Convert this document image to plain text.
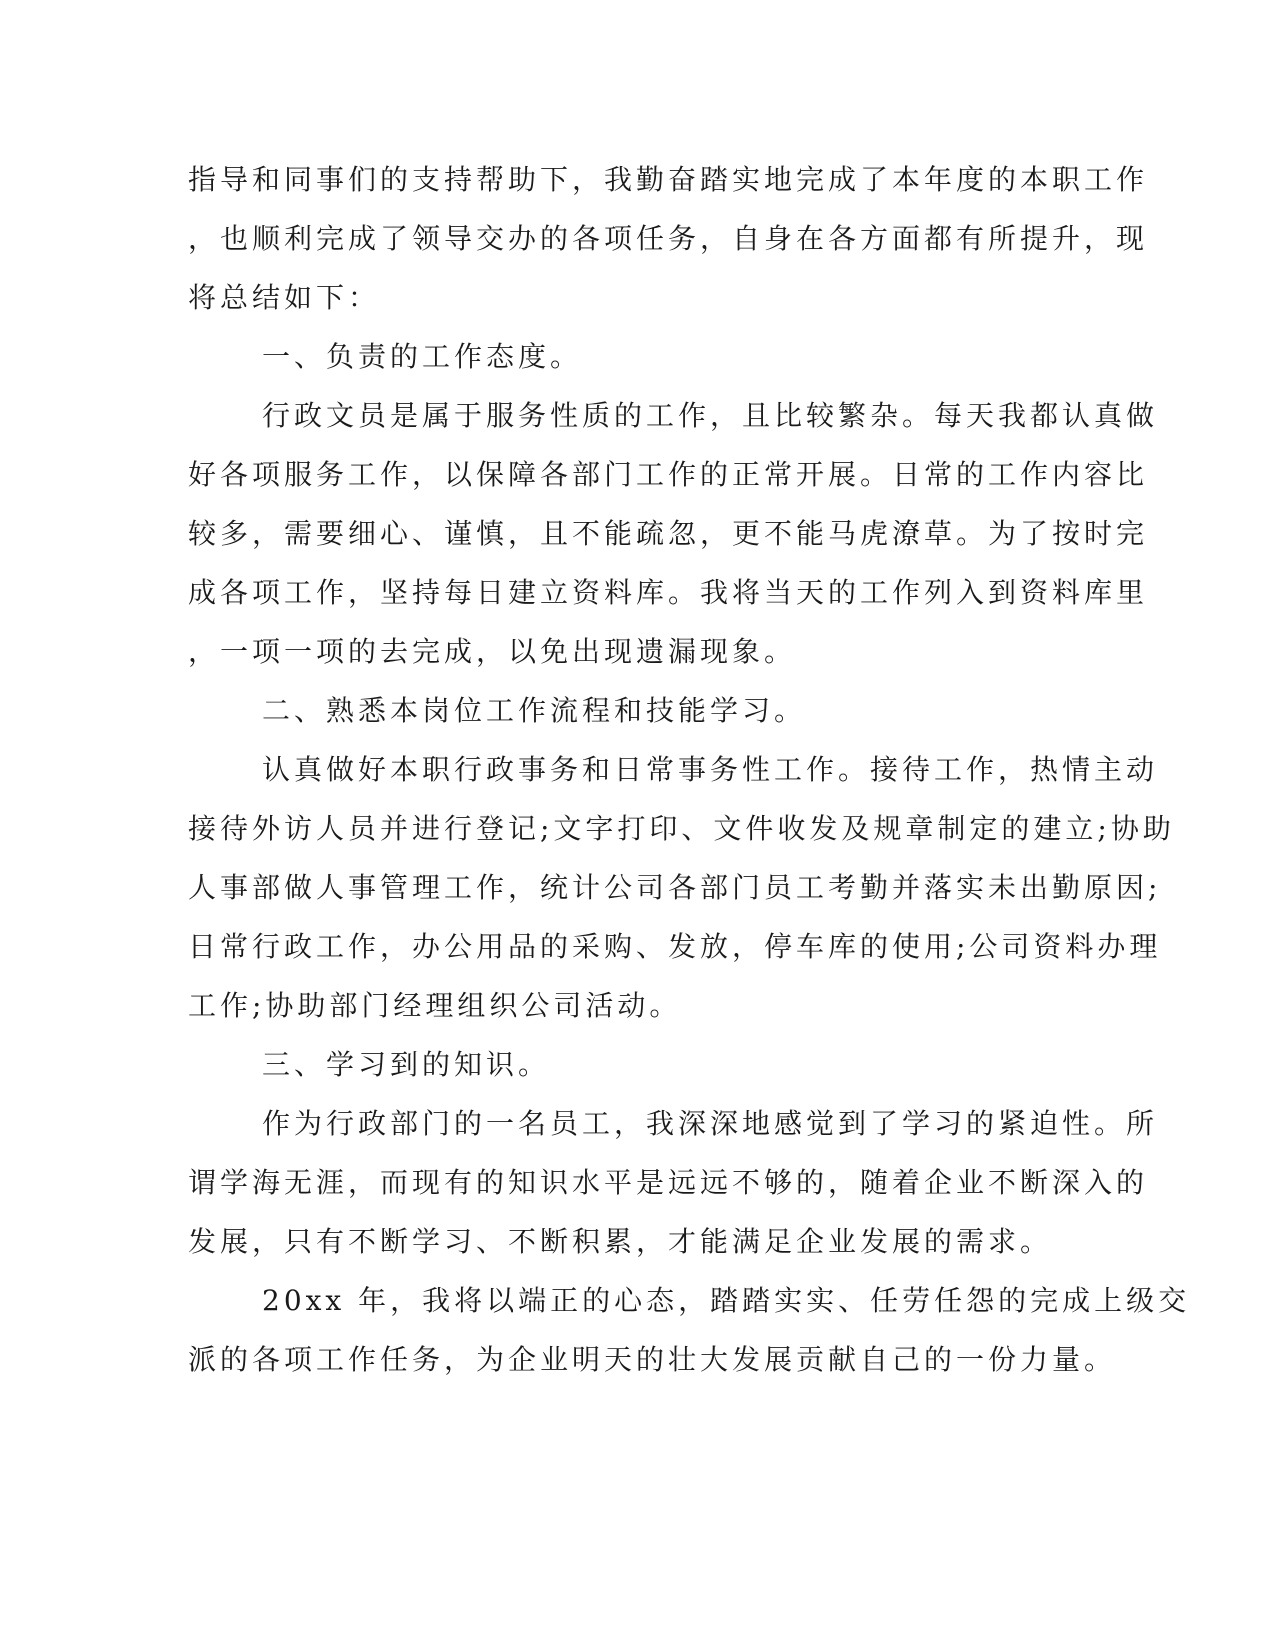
指导和同事们的支持帮助下，我勤奋踏实地完成了本年度的本职工作
，也顺利完成了领导交办的各项任务，自身在各方面都有所提升，现
将总结如下：
一、负责的工作态度。
行政文员是属于服务性质的工作，且比较繁杂。每天我都认真做
好各项服务工作，以保障各部门工作的正常开展。日常的工作内容比
较多，需要细心、谨慎，且不能疏忽，更不能马虎潦草。为了按时完
成各项工作，坚持每日建立资料库。我将当天的工作列入到资料库里
，一项一项的去完成，以免出现遗漏现象。
二、熟悉本岗位工作流程和技能学习。
认真做好本职行政事务和日常事务性工作。接待工作，热情主动
接待外访人员并进行登记;文字打印、文件收发及规章制定的建立;协助
人事部做人事管理工作，统计公司各部门员工考勤并落实未出勤原因;
日常行政工作，办公用品的采购、发放，停车库的使用;公司资料办理
工作;协助部门经理组织公司活动。
三、学习到的知识。
作为行政部门的一名员工，我深深地感觉到了学习的紧迫性。所
谓学海无涯，而现有的知识水平是远远不够的，随着企业不断深入的
发展，只有不断学习、不断积累，才能满足企业发展的需求。
20xx 年，我将以端正的心态，踏踏实实、任劳任怨的完成上级交
派的各项工作任务，为企业明天的壮大发展贡献自己的一份力量。
